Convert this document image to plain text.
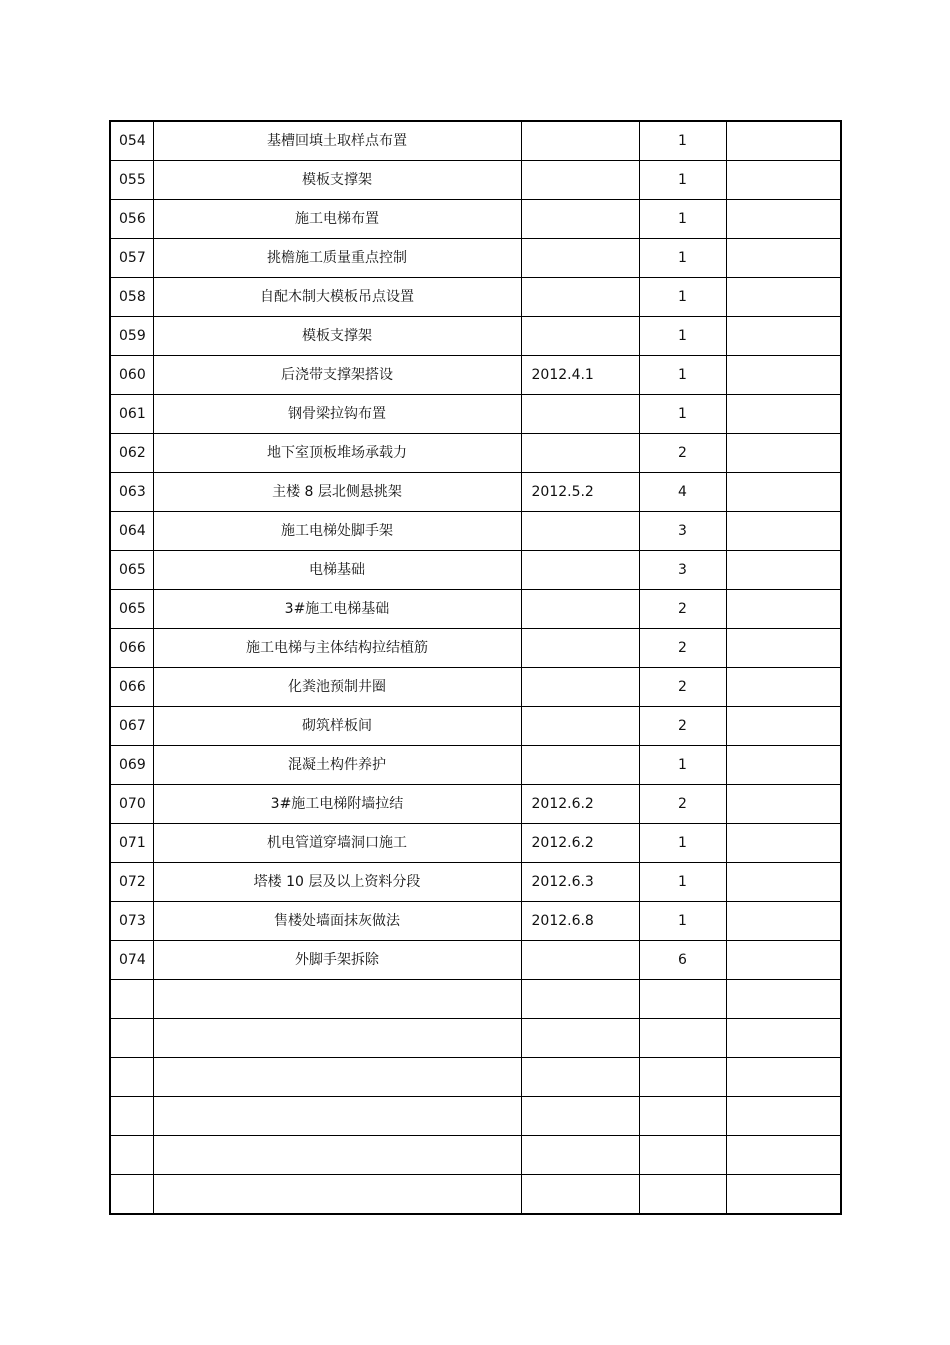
054	基槽回填土取样点布置		1	
055	模板支撑架		1	
056	施工电梯布置		1	
057	挑檐施工质量重点控制		1	
058	自配木制大模板吊点设置		1	
059	模板支撑架		1	
060	后浇带支撑架搭设	2012.4.1	1	
061	钢骨梁拉钩布置		1	
062	地下室顶板堆场承载力		2	
063	主楼 8 层北侧悬挑架	2012.5.2	4	
064	施工电梯处脚手架		3	
065	电梯基础		3	
065	3#施工电梯基础		2	
066	施工电梯与主体结构拉结植筋		2	
066	化粪池预制井圈		2	
067	砌筑样板间		2	
069	混凝土构件养护		1	
070	3#施工电梯附墙拉结	2012.6.2	2	
071	机电管道穿墙洞口施工	2012.6.2	1	
072	塔楼 10 层及以上资料分段	2012.6.3	1	
073	售楼处墙面抹灰做法	2012.6.8	1	
074	外脚手架拆除		6	
